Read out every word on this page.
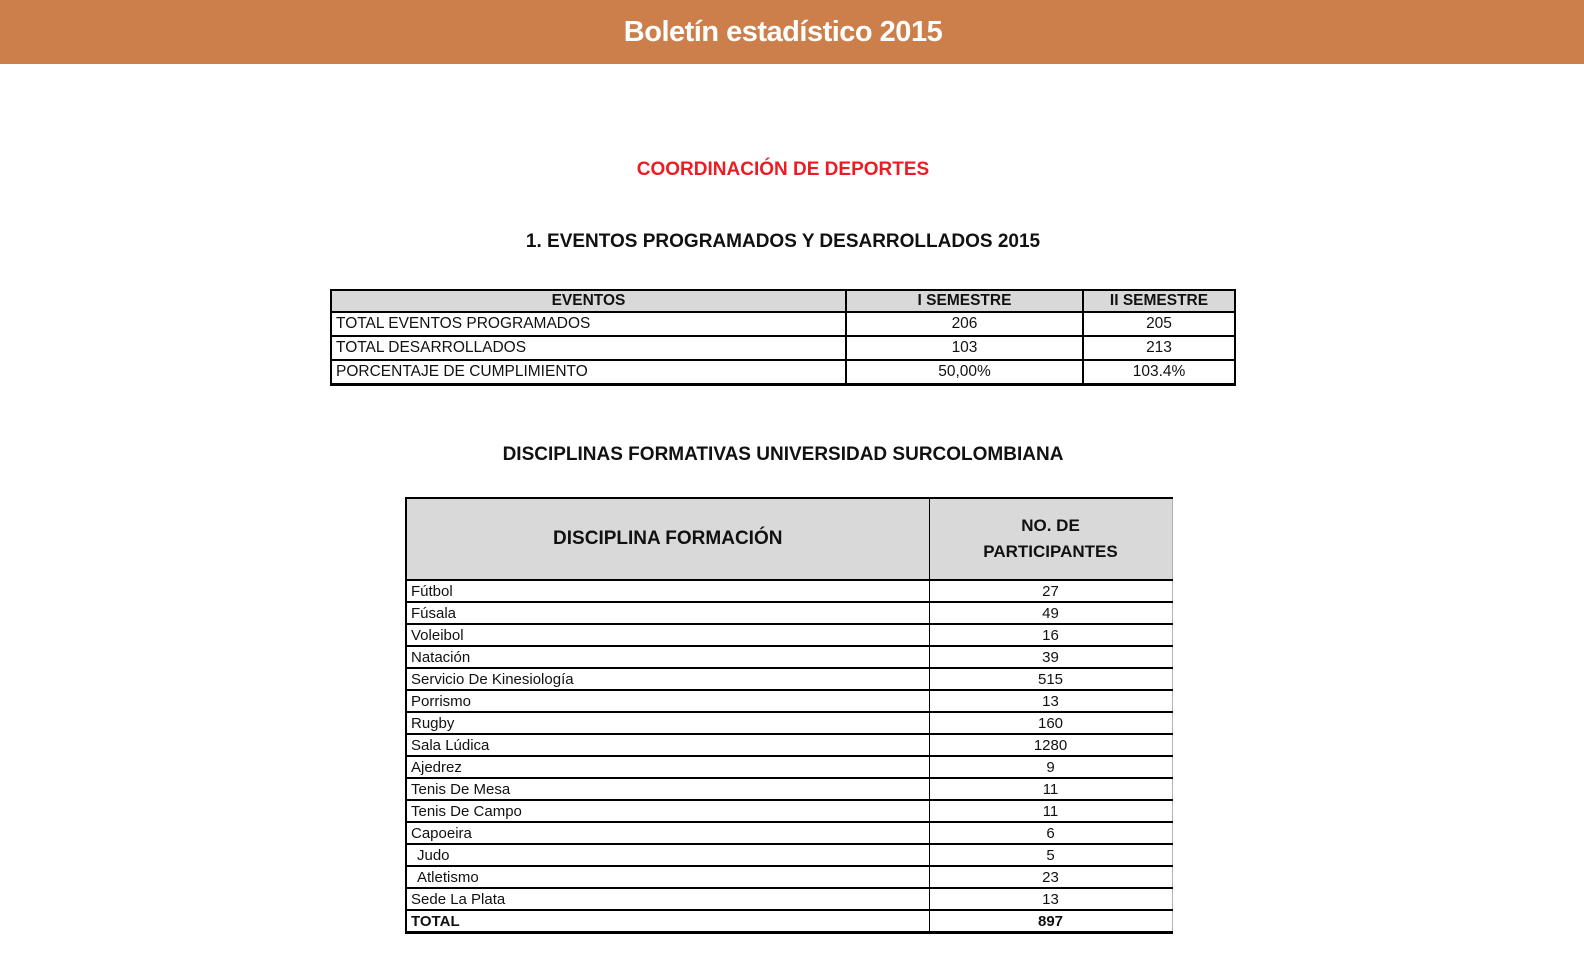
Boletín estadístico 2015
COORDINACIÓN DE DEPORTES
1. EVENTOS PROGRAMADOS Y DESARROLLADOS 2015
EVENTOS	I SEMESTRE	II SEMESTRE
TOTAL EVENTOS PROGRAMADOS	206	205
TOTAL DESARROLLADOS	103	213
PORCENTAJE DE CUMPLIMIENTO	50,00%	103.4%
DISCIPLINAS FORMATIVAS UNIVERSIDAD SURCOLOMBIANA
DISCIPLINA FORMACIÓN	NO. DE PARTICIPANTES

Fútbol	27
Fúsala	49
Voleibol	16
Natación	39
Servicio De Kinesiología	515
Porrismo	13
Rugby	160
Sala Lúdica	1280
Ajedrez	9
Tenis De Mesa	11
Tenis De Campo	11
Capoeira	6
Judo	5
Atletismo	23
Sede La Plata	13
TOTAL	897
